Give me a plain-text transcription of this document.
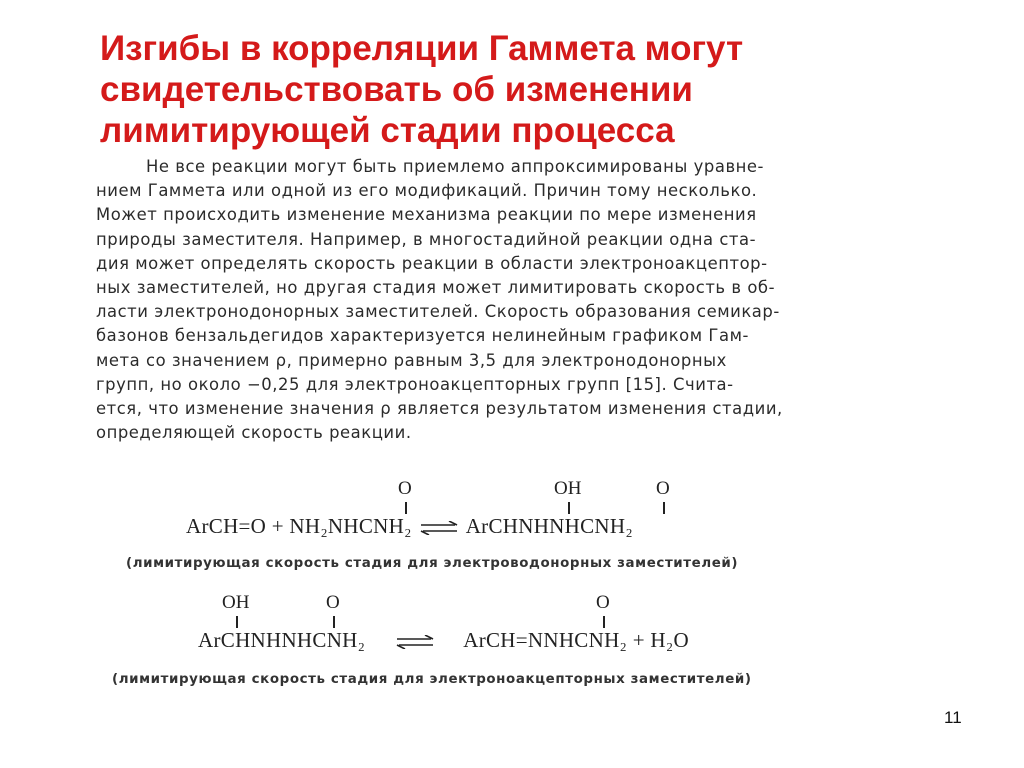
Изгибы в корреляции Гаммета могут
свидетельствовать об изменении
лимитирующей стадии процесса
Не все реакции могут быть приемлемо аппроксимированы уравне-
нием Гаммета или одной из его модификаций. Причин тому несколько.
Может происходить изменение механизма реакции по мере изменения
природы заместителя. Например, в многостадийной реакции одна ста-
дия может определять скорость реакции в области электроноакцептор-
ных заместителей, но другая стадия может лимитировать скорость в об-
ласти электронодонорных заместителей. Скорость образования семикар-
базонов бензальдегидов характеризуется нелинейным графиком Гам-
мета со значением ρ, примерно равным 3,5 для электронодонорных
групп, но около −0,25 для электроноакцепторных групп [15]. Счита-
ется, что изменение значения ρ является результатом изменения стадии,
определяющей скорость реакции.
O	OH	O
ArCH=O + NH₂NHCNH₂ ⇌ ArCHNHNHCNH₂
(лимитирующая скорость стадия для электроводонорных заместителей)
OH	O	O
ArCHNHNHCNH₂ ⇌ ArCH=NNHCNH₂ + H₂O
(лимитирующая скорость стадия для электроноакцепторных заместителей)
11
